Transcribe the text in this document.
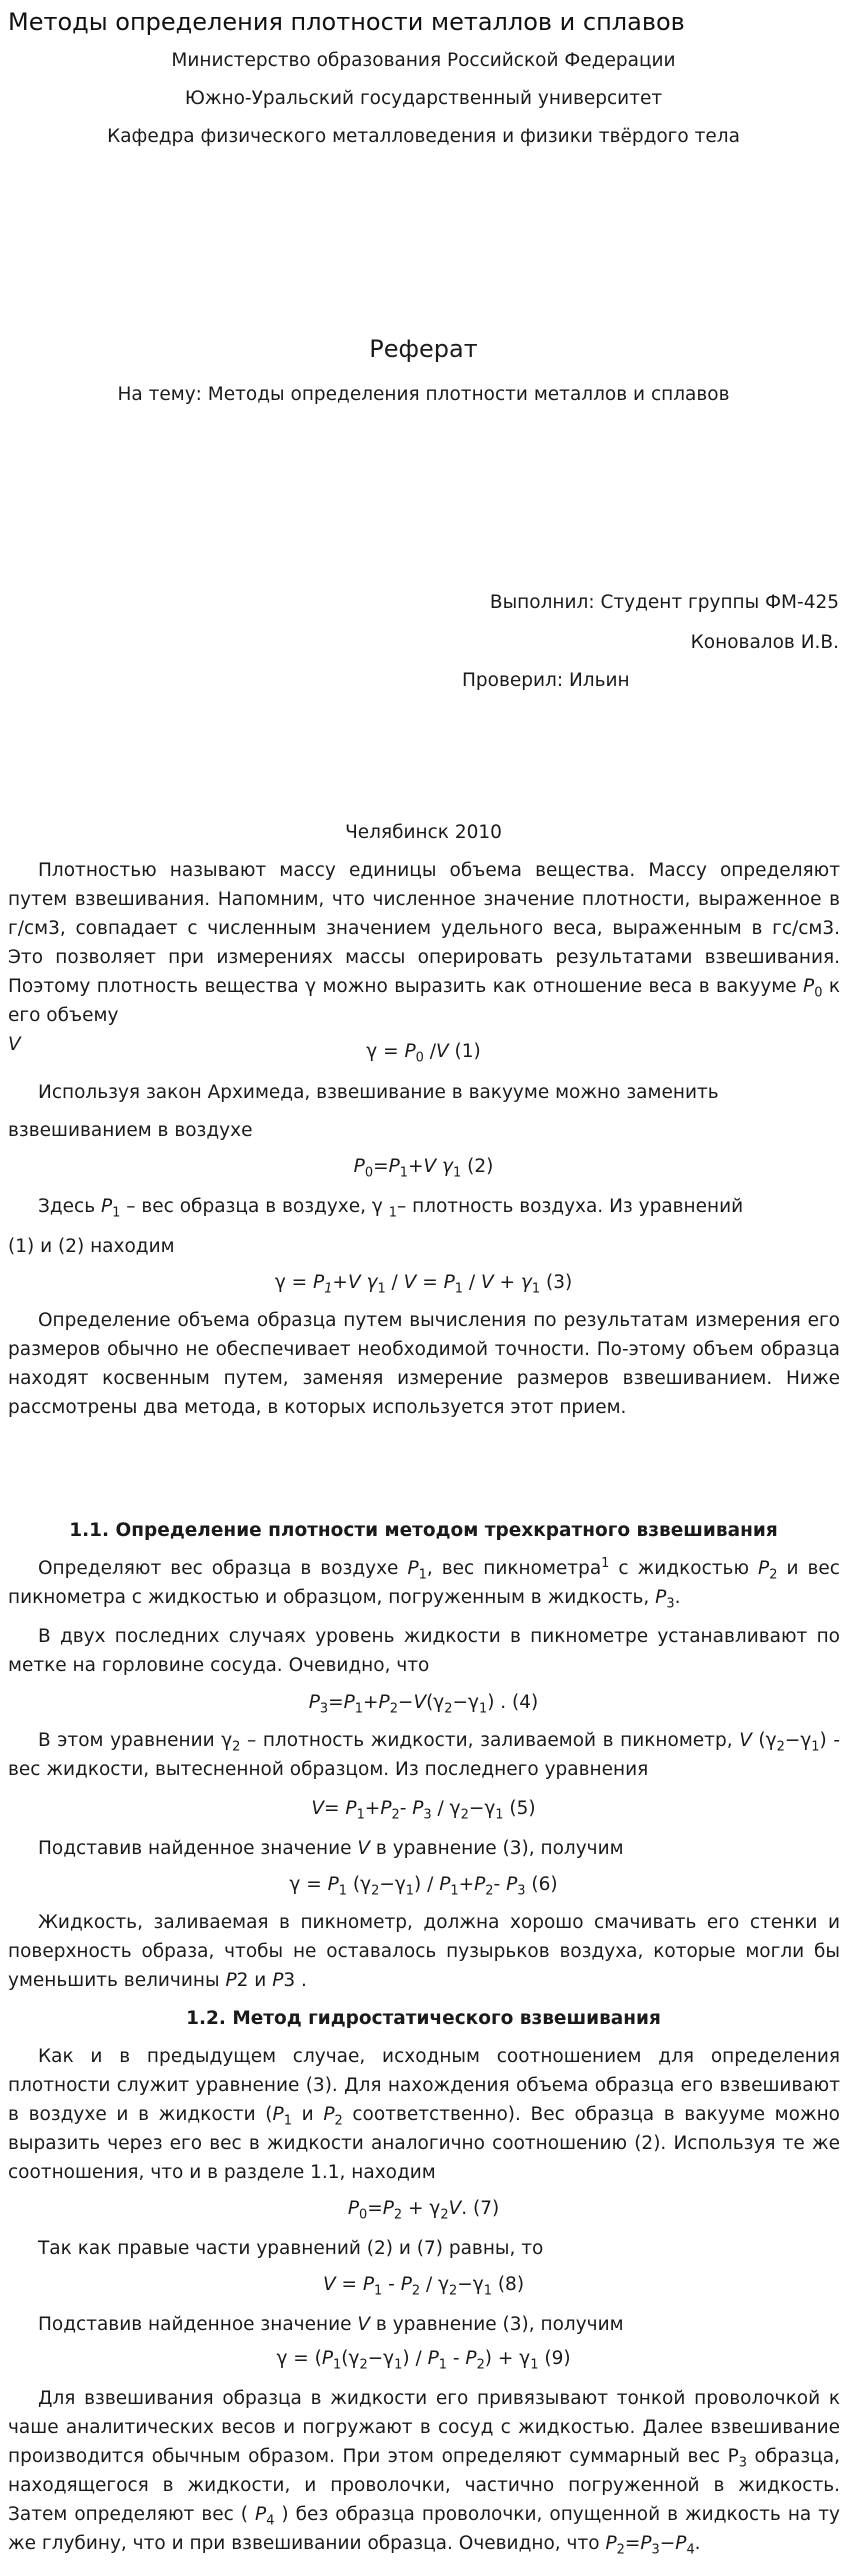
Методы определения плотности металлов и сплавов
Министерство образования Российской Федерации
Южно-Уральский государственный университет
Кафедра физического металловедения и физики твёрдого тела
Реферат
На тему: Методы определения плотности металлов и сплавов
Выполнил: Студент группы ФМ-425
Коновалов И.В.
Проверил: Ильин
Челябинск 2010
Плотностью называют массу единицы объема вещества. Массу определяют путем взвешивания. Напомним, что численное значение плотности, выраженное в г/см3, совпадает с численным значением удельного веса, выраженным в гс/см3. Это позволяет при измерениях массы оперировать результатами взвешивания. Поэтому плотность вещества γ можно выразить как отношение веса в вакууме $P_0$ к его объему
V	$\gamma = P_0$ /V (1)
Используя закон Архимеда, взвешивание в вакууме можно заменить
взвешиванием в воздухе
$P_0=P_1+V$ $\gamma_1$ (2)
Здесь $P_1$ – вес образца в воздухе, γ $_1$– плотность воздуха. Из уравнений
(1) и (2) находим
$\gamma = P_1+V$ $\gamma_1 / V = P_1 / V + \gamma_1$ (3)
Определение объема образца путем вычисления по результатам измерения его размеров обычно не обеспечивает необходимой точности. По-этому объем образца находят косвенным путем, заменяя измерение размеров взвешиванием. Ниже рассмотрены два метода, в которых используется этот прием.
1.1. Определение плотности методом трехкратного взвешивания
Определяют вес образца в воздухе $P_1$, вес пикнометра$^1$ с жидкостью $P_2$ и вес пикнометра с жидкостью и образцом, погруженным в жидкость, $P_3$.
В двух последних случаях уровень жидкости в пикнометре устанавливают по метке на горловине сосуда. Очевидно, что
$P_3=P_1+P_2-V(\gamma_2-\gamma_1)$ . (4)
В этом уравнении $\gamma_2$ – плотность жидкости, заливаемой в пикнометр, V $(\gamma_2-\gamma_1)$ - вес жидкости, вытесненной образцом. Из последнего уравнения
$V= P_1+P_2-$ $P_3 / \gamma_2-\gamma_1$ (5)
Подставив найденное значение V в уравнение (3), получим
$\gamma = P_1$ $(\gamma_2-\gamma_1) / P_1+P_2-$ $P_3$ (6)
Жидкость, заливаемая в пикнометр, должна хорошо смачивать его стенки и поверхность образа, чтобы не оставалось пузырьков воздуха, которые могли бы уменьшить величины P2 и P3 .
1.2. Метод гидростатического взвешивания
Как и в предыдущем случае, исходным соотношением для определения плотности служит уравнение (3). Для нахождения объема образца его взвешивают в воздухе и в жидкости ($P_1$ и $P_2$ соответственно). Вес образца в вакууме можно выразить через его вес в жидкости аналогично соотношению (2). Используя те же соотношения, что и в разделе 1.1, находим
$P_0=P_2 + \gamma_2V$. (7)
Так как правые части уравнений (2) и (7) равны, то
$V = P_1 - P_2 / \gamma_2-\gamma_1$ (8)
Подставив найденное значение V в уравнение (3), получим
$\gamma = (P_1(\gamma_2-\gamma_1) / P_1 - P_2) + \gamma_1$ (9)
Для взвешивания образца в жидкости его привязывают тонкой проволочкой к чаше аналитических весов и погружают в сосуд с жидкостью. Далее взвешивание производится обычным образом. При этом определяют суммарный вес $P_3$ образца, находящегося в жидкости, и проволочки, частично погруженной в жидкость. Затем определяют вес ( $P_4$ ) без образца проволочки, опущенной в жидкость на ту же глубину, что и при взвешивании образца. Очевидно, что $P_2=P_3-P_4$.
